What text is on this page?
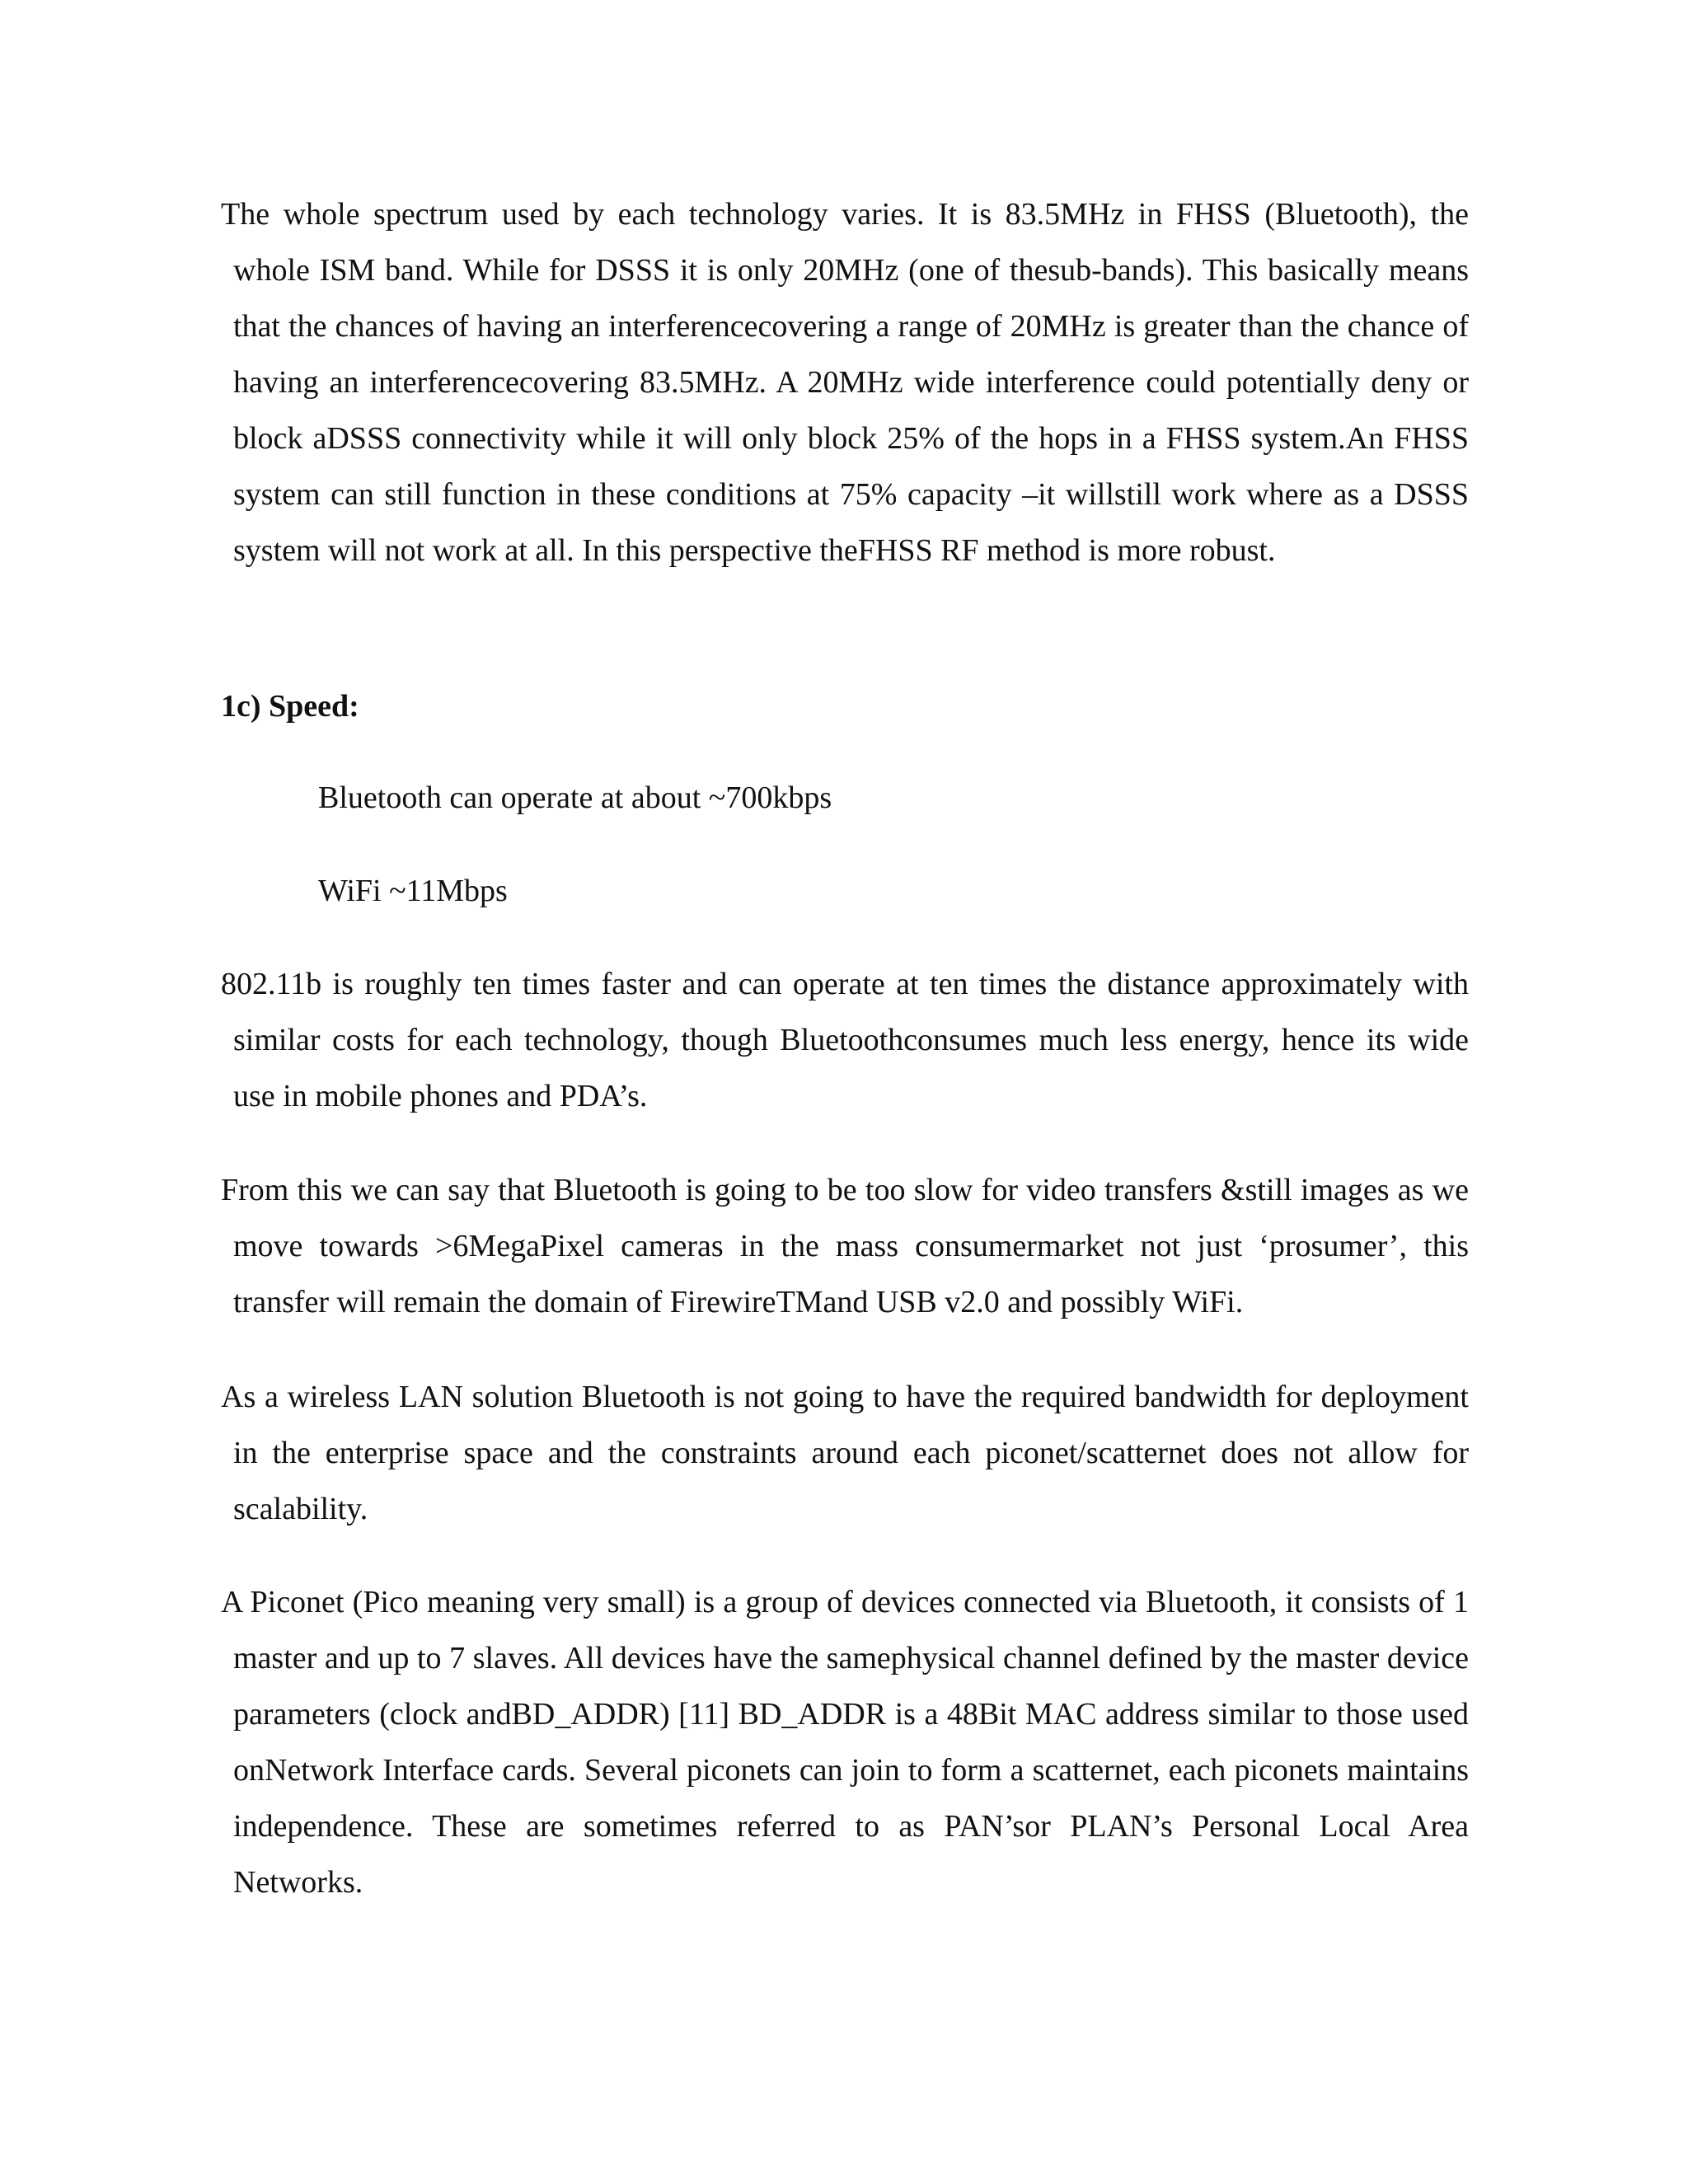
The whole spectrum used by each technology varies. It is 83.5MHz in FHSS (Bluetooth), the whole ISM band. While for DSSS it is only 20MHz (one of thesub-bands). This basically means that the chances of having an interferencecovering a range of 20MHz is greater than the chance of having an interferencecovering 83.5MHz. A 20MHz wide interference could potentially deny or block aDSSS connectivity while it will only block 25% of the hops in a FHSS system.An FHSS system can still function in these conditions at 75% capacity –it willstill work where as a DSSS system will not work at all. In this perspective theFHSS RF method is more robust.

1c) Speed:

Bluetooth can operate at about ~700kbps

WiFi ~11Mbps

802.11b is roughly ten times faster and can operate at ten times the distance approximately with similar costs for each technology, though Bluetoothconsumes much less energy, hence its wide use in mobile phones and PDA’s.

From this we can say that Bluetooth is going to be too slow for video transfers &still images as we move towards >6MegaPixel cameras in the mass consumermarket not just ‘prosumer’, this transfer will remain the domain of FirewireTMand USB v2.0 and possibly WiFi.

As a wireless LAN solution Bluetooth is not going to have the required bandwidth for deployment in the enterprise space and the constraints around each piconet/scatternet does not allow for scalability.

A Piconet (Pico meaning very small) is a group of devices connected via Bluetooth, it consists of 1 master and up to 7 slaves. All devices have the samephysical channel defined by the master device parameters (clock andBD_ADDR) [11] BD_ADDR is a 48Bit MAC address similar to those used onNetwork Interface cards. Several piconets can join to form a scatternet, each piconets maintains independence. These are sometimes referred to as PAN’sor PLAN’s Personal Local Area Networks.
